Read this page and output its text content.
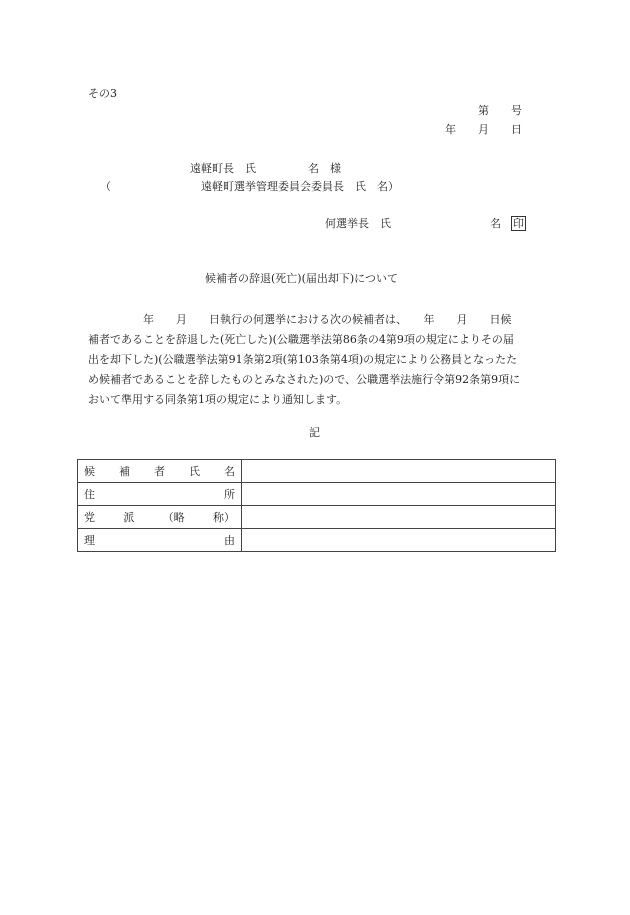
その3
第　　号
年　　月　　日
遠軽町長　氏	名　様
（	遠軽町選挙管理委員会委員長　氏　名）
何選挙長　氏	名 印
候補者の辞退(死亡)(届出却下)について
　　　　　年　　月　　日執行の何選挙における次の候補者は、　　年　　月　　日候
補者であることを辞退した(死亡した)(公職選挙法第86条の4第9項の規定によりその届
出を却下した)(公職選挙法第91条第2項(第103条第4項)の規定により公務員となったた
め候補者であることを辞したものとみなされた)ので、公職選挙法施行令第92条第9項に
おいて準用する同条第1項の規定により通知します。
記
候 補 者 氏 名	

住 所	

党 派 （略 称）	

理 由	
